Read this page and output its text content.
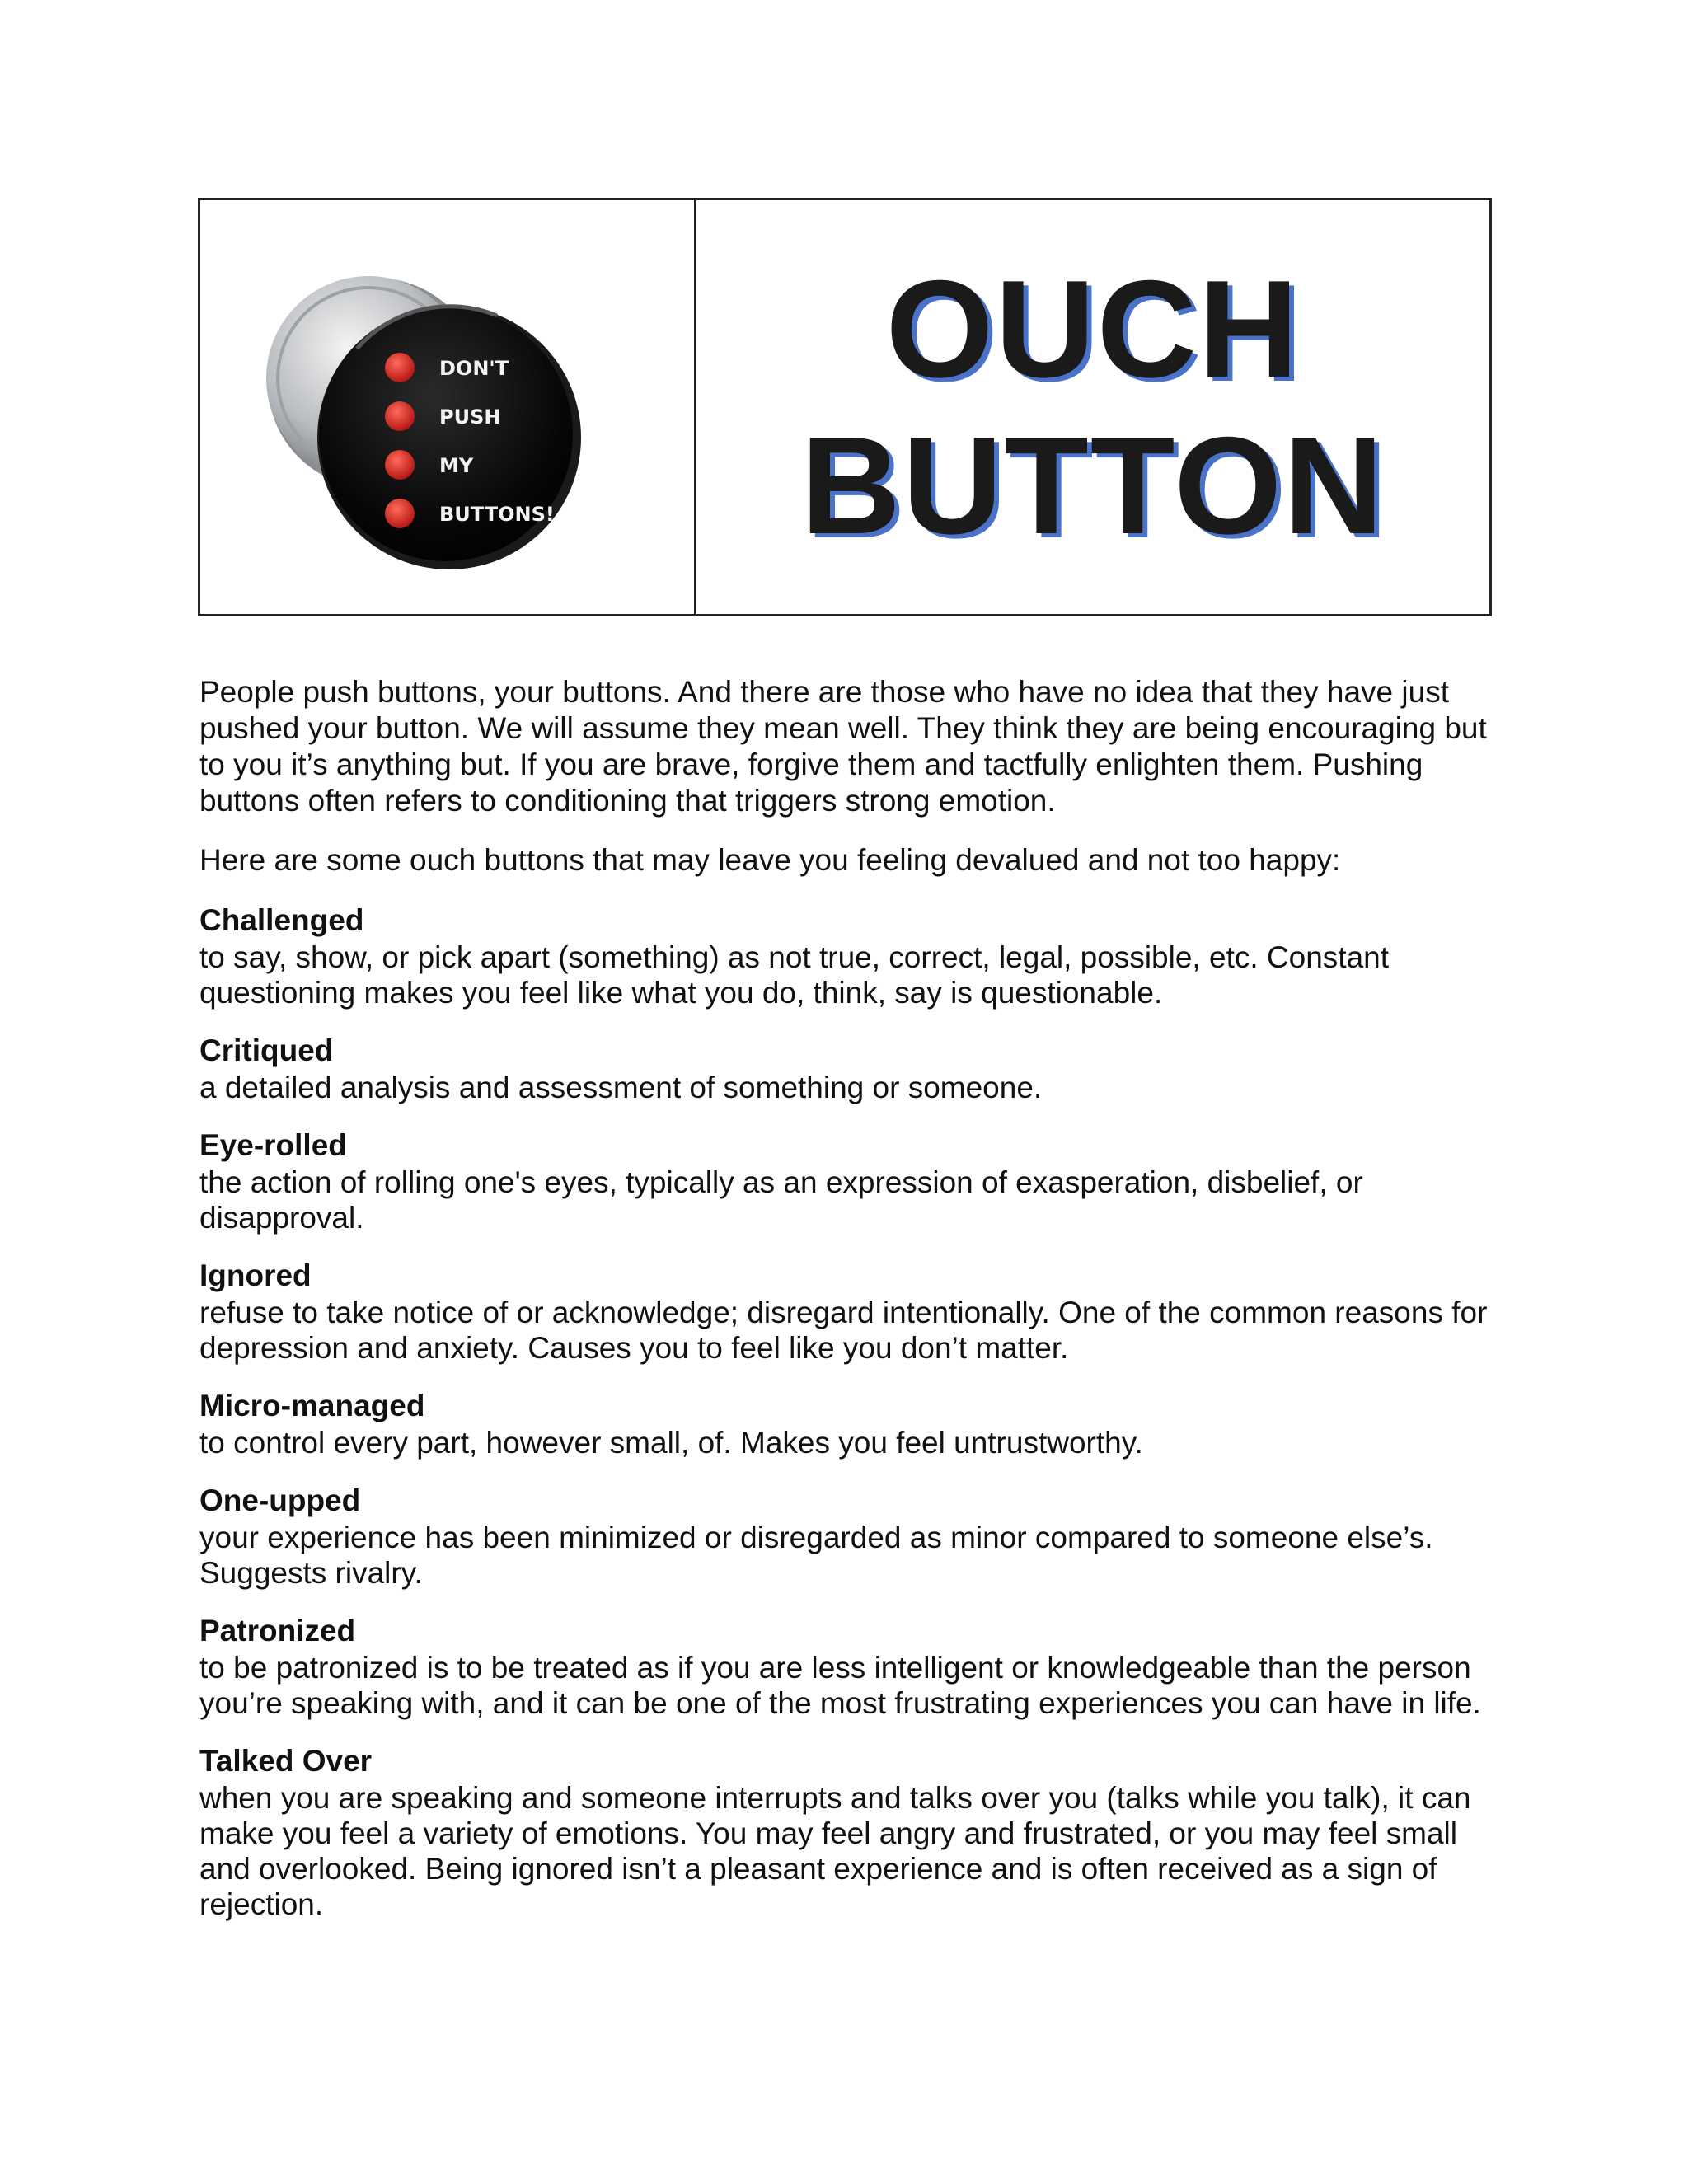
DON'T
PUSH
MY
BUTTONS!
OUCH
BUTTON

People push buttons, your buttons. And there are those who have no idea that they have just pushed your button. We will assume they mean well. They think they are being encouraging but to you it’s anything but. If you are brave, forgive them and tactfully enlighten them. Pushing buttons often refers to conditioning that triggers strong emotion.

Here are some ouch buttons that may leave you feeling devalued and not too happy:

Challenged
to say, show, or pick apart (something) as not true, correct, legal, possible, etc. Constant questioning makes you feel like what you do, think, say is questionable.
Critiqued
a detailed analysis and assessment of something or someone.
Eye-rolled
the action of rolling one's eyes, typically as an expression of exasperation, disbelief, or disapproval.
Ignored
refuse to take notice of or acknowledge; disregard intentionally. One of the common reasons for depression and anxiety. Causes you to feel like you don’t matter.
Micro-managed
to control every part, however small, of. Makes you feel untrustworthy.
One-upped
your experience has been minimized or disregarded as minor compared to someone else’s. Suggests rivalry.
Patronized
to be patronized is to be treated as if you are less intelligent or knowledgeable than the person you’re speaking with, and it can be one of the most frustrating experiences you can have in life.
Talked Over
when you are speaking and someone interrupts and talks over you (talks while you talk), it can make you feel a variety of emotions. You may feel angry and frustrated, or you may feel small and overlooked. Being ignored isn’t a pleasant experience and is often received as a sign of rejection.
